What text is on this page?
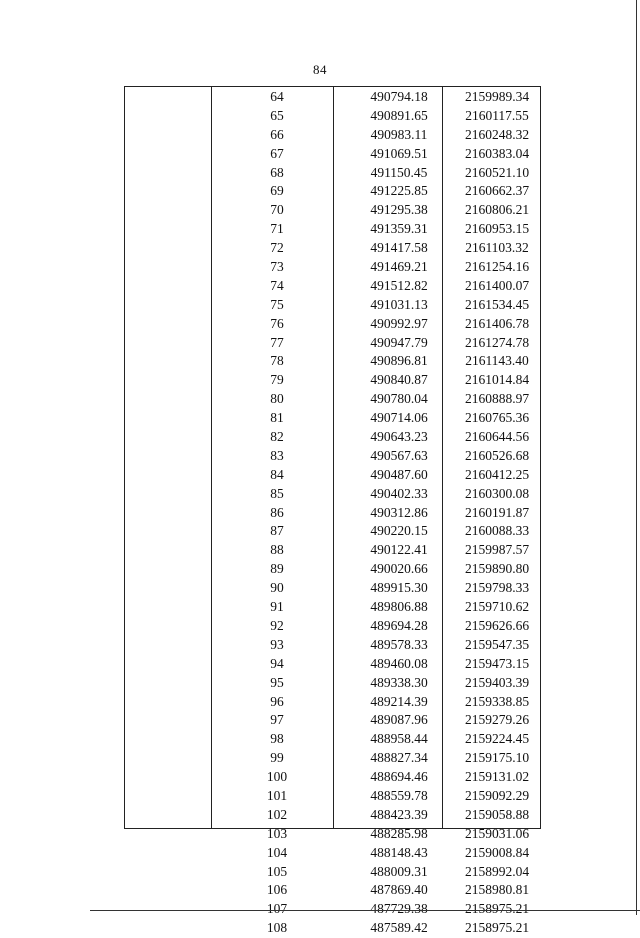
84
64	490794.18	2159989.34
65	490891.65	2160117.55
66	490983.11	2160248.32
67	491069.51	2160383.04
68	491150.45	2160521.10
69	491225.85	2160662.37
70	491295.38	2160806.21
71	491359.31	2160953.15
72	491417.58	2161103.32
73	491469.21	2161254.16
74	491512.82	2161400.07
75	491031.13	2161534.45
76	490992.97	2161406.78
77	490947.79	2161274.78
78	490896.81	2161143.40
79	490840.87	2161014.84
80	490780.04	2160888.97
81	490714.06	2160765.36
82	490643.23	2160644.56
83	490567.63	2160526.68
84	490487.60	2160412.25
85	490402.33	2160300.08
86	490312.86	2160191.87
87	490220.15	2160088.33
88	490122.41	2159987.57
89	490020.66	2159890.80
90	489915.30	2159798.33
91	489806.88	2159710.62
92	489694.28	2159626.66
93	489578.33	2159547.35
94	489460.08	2159473.15
95	489338.30	2159403.39
96	489214.39	2159338.85
97	489087.96	2159279.26
98	488958.44	2159224.45
99	488827.34	2159175.10
100	488694.46	2159131.02
101	488559.78	2159092.29
102	488423.39	2159058.88
103	488285.98	2159031.06
104	488148.43	2159008.84
105	488009.31	2158992.04
106	487869.40	2158980.81
107	487729.38	2158975.21
108	487589.42	2158975.21
